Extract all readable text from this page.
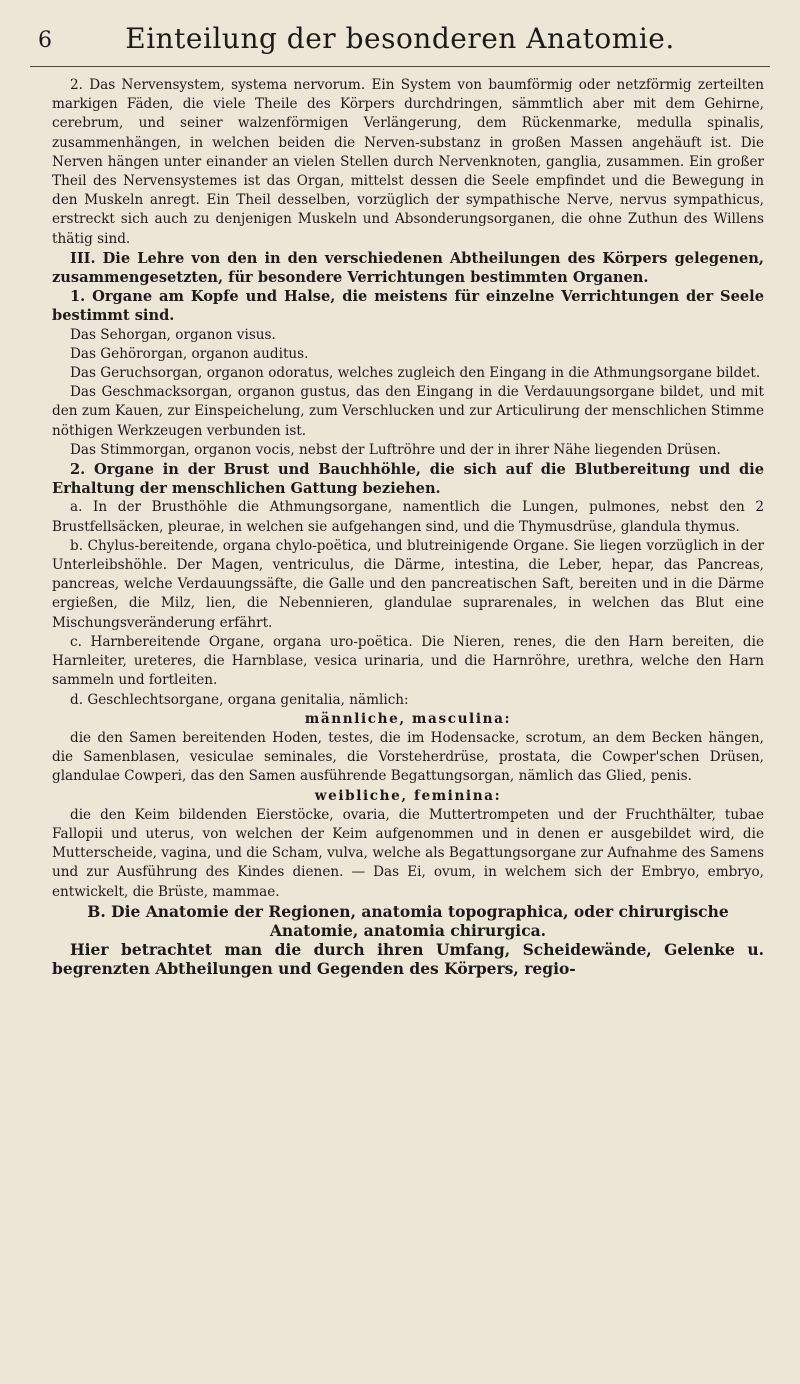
6	Einteilung der besonderen Anatomie.

2. Das Nervensystem, systema nervorum. Ein System von baumförmig oder netzförmig zerteilten markigen Fäden, die viele Theile des Körpers durchdringen, sämmtlich aber mit dem Gehirne, cerebrum, und seiner walzenförmigen Verlängerung, dem Rückenmarke, medulla spinalis, zusammenhängen, in welchen beiden die Nerven-substanz in großen Massen angehäuft ist. Die Nerven hängen unter einander an vielen Stellen durch Nervenknoten, ganglia, zusammen. Ein großer Theil des Nervensystemes ist das Organ, mittelst dessen die Seele empfindet und die Bewegung in den Muskeln anregt. Ein Theil desselben, vorzüglich der sympathische Nerve, nervus sympathicus, erstreckt sich auch zu denjenigen Muskeln und Absonderungsorganen, die ohne Zuthun des Willens thätig sind.

III. Die Lehre von den in den verschiedenen Abtheilungen des Körpers gelegenen, zusammengesetzten, für besondere Verrichtungen bestimmten Organen.

1. Organe am Kopfe und Halse, die meistens für einzelne Verrichtungen der Seele bestimmt sind.

Das Sehorgan, organon visus.

Das Gehörorgan, organon auditus.

Das Geruchsorgan, organon odoratus, welches zugleich den Eingang in die Athmungsorgane bildet.

Das Geschmacksorgan, organon gustus, das den Eingang in die Verdauungsorgane bildet, und mit den zum Kauen, zur Einspeichelung, zum Verschlucken und zur Articulirung der menschlichen Stimme nöthigen Werkzeugen verbunden ist.

Das Stimmorgan, organon vocis, nebst der Luftröhre und der in ihrer Nähe liegenden Drüsen.

2. Organe in der Brust und Bauchhöhle, die sich auf die Blutbereitung und die Erhaltung der menschlichen Gattung beziehen.

a. In der Brusthöhle die Athmungsorgane, namentlich die Lungen, pulmones, nebst den 2 Brustfellsäcken, pleurae, in welchen sie aufgehangen sind, und die Thymusdrüse, glandula thymus.

b. Chylus-bereitende, organa chylo-poëtica, und blutreinigende Organe. Sie liegen vorzüglich in der Unterleibshöhle. Der Magen, ventriculus, die Därme, intestina, die Leber, hepar, das Pancreas, pancreas, welche Verdauungssäfte, die Galle und den pancreatischen Saft, bereiten und in die Därme ergießen, die Milz, lien, die Nebennieren, glandulae suprarenales, in welchen das Blut eine Mischungsveränderung erfährt.

c. Harnbereitende Organe, organa uro-poëtica. Die Nieren, renes, die den Harn bereiten, die Harnleiter, ureteres, die Harnblase, vesica urinaria, und die Harnröhre, urethra, welche den Harn sammeln und fortleiten.

d. Geschlechtsorgane, organa genitalia, nämlich:

männliche, masculina:

die den Samen bereitenden Hoden, testes, die im Hodensacke, scrotum, an dem Becken hängen, die Samenblasen, vesiculae seminales, die Vorsteherdrüse, prostata, die Cowper'schen Drüsen, glandulae Cowperi, das den Samen ausführende Begattungsorgan, nämlich das Glied, penis.

weibliche, feminina:

die den Keim bildenden Eierstöcke, ovaria, die Muttertrompeten und der Fruchthälter, tubae Fallopii und uterus, von welchen der Keim aufgenommen und in denen er ausgebildet wird, die Mutterscheide, vagina, und die Scham, vulva, welche als Begattungsorgane zur Aufnahme des Samens und zur Ausführung des Kindes dienen. — Das Ei, ovum, in welchem sich der Embryo, embryo, entwickelt, die Brüste, mammae.

B. Die Anatomie der Regionen, anatomia topographica, oder chirurgische Anatomie, anatomia chirurgica.

Hier betrachtet man die durch ihren Umfang, Scheidewände, Gelenke u. begrenzten Abtheilungen und Gegenden des Körpers, regio-
